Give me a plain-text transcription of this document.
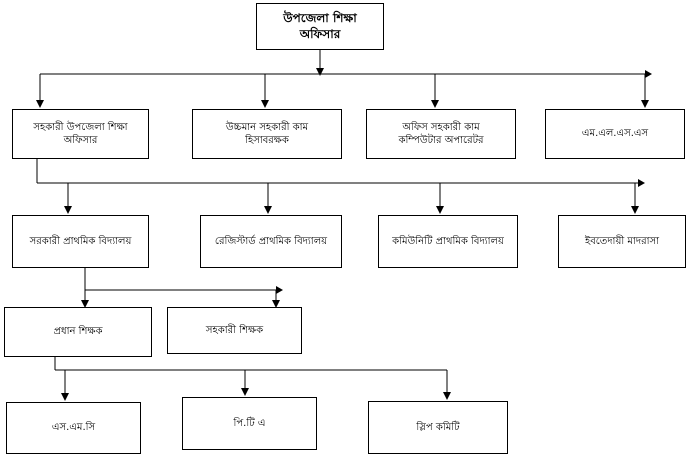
উপজেলা শিক্ষা
অফিসার
সহকারী উপজেলা শিক্ষা
অফিসার
উচ্চমান সহকারী কাম
হিসাবরক্ষক
অফিস সহকারী কাম
কম্পিউটার অপারেটর
এম.এল.এস.এস
সরকারী প্রাথমিক বিদ্যালয়	রেজিস্টার্ড প্রাথমিক বিদ্যালয়	কমিউনিটি প্রাথমিক বিদ্যালয়	ইবতেদায়ী মাদরাসা
প্রধান শিক্ষক	সহকারী শিক্ষক
এস.এম.সি	পি.টি এ	স্লিপ কমিটি
